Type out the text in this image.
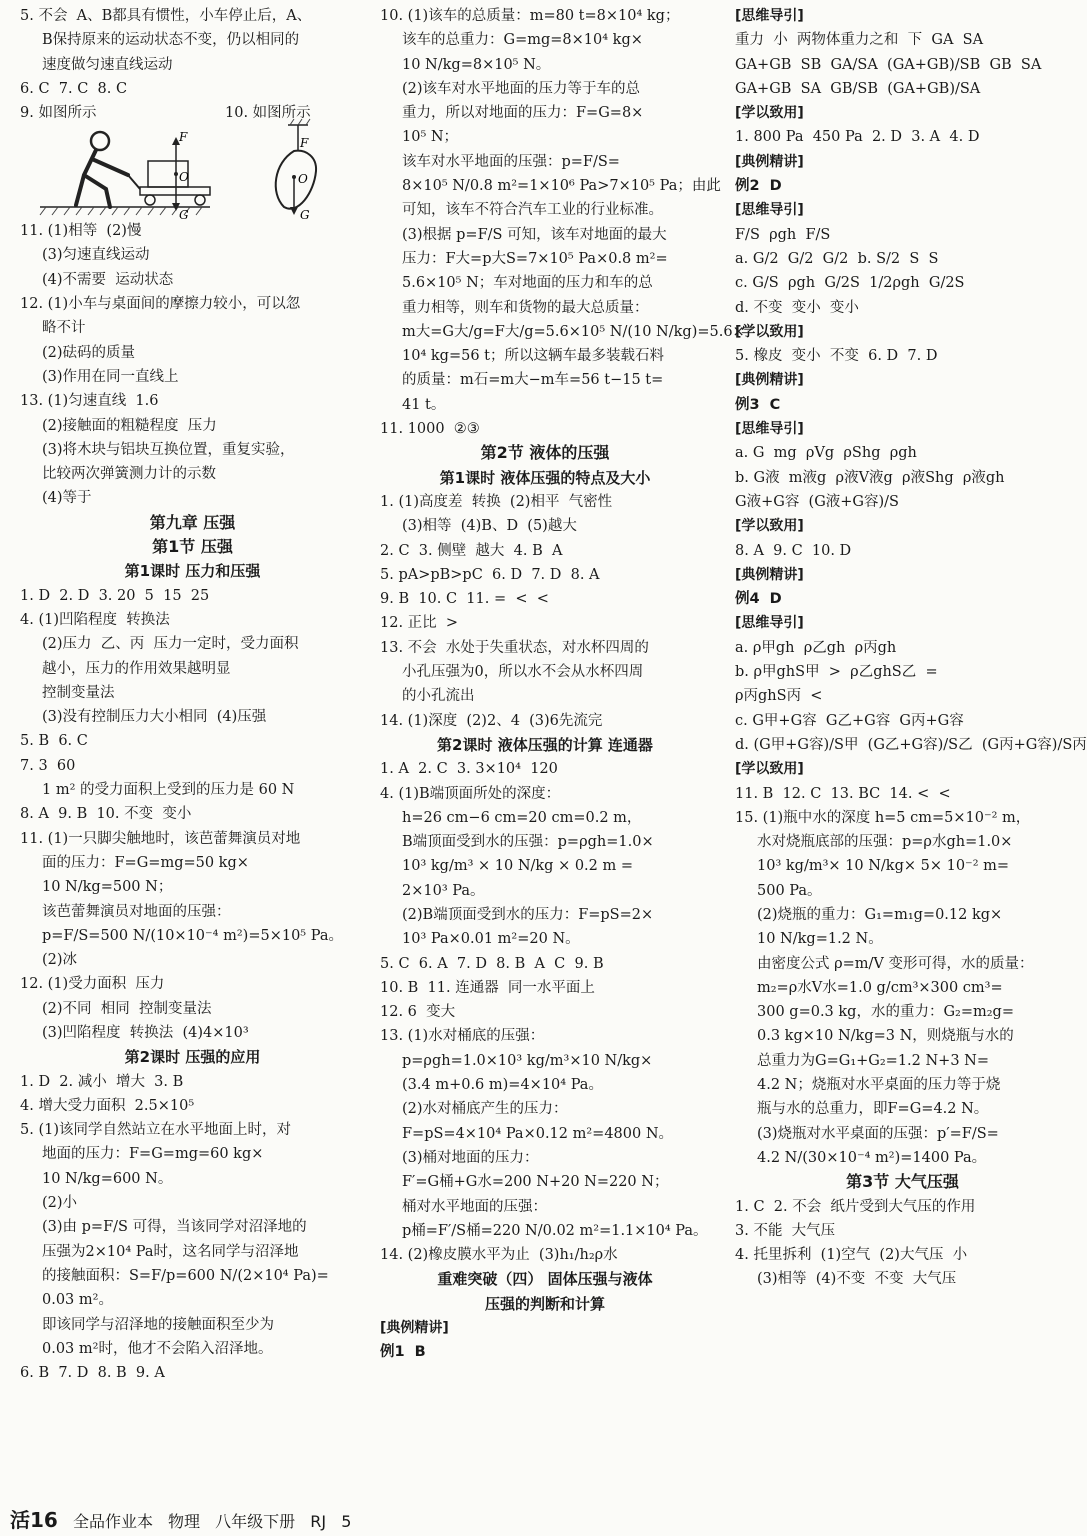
5. 不会  A、B都具有惯性，小车停止后，A、
B保持原来的运动状态不变，仍以相同的
速度做匀速直线运动
6. C  7. C  8. C
9. 如图所示	10. 如图所示
F
O
G
F
O
G
11. (1)相等  (2)慢
(3)匀速直线运动
(4)不需要  运动状态
12. (1)小车与桌面间的摩擦力较小，可以忽
略不计
(2)砝码的质量
(3)作用在同一直线上
13. (1)匀速直线  1.6
(2)接触面的粗糙程度  压力
(3)将木块与铝块互换位置，重复实验，
比较两次弹簧测力计的示数
(4)等于
第九章 压强
第1节 压强
第1课时 压力和压强
1. D  2. D  3. 20  5  15  25
4. (1)凹陷程度  转换法
(2)压力  乙、丙  压力一定时，受力面积
越小，压力的作用效果越明显
控制变量法
(3)没有控制压力大小相同  (4)压强
5. B  6. C
7. 3  60
1 m² 的受力面积上受到的压力是 60 N
8. A  9. B  10. 不变  变小
11. (1)一只脚尖触地时，该芭蕾舞演员对地
面的压力：F=G=mg=50 kg×
10 N/kg=500 N；
该芭蕾舞演员对地面的压强：
p=F/S=500 N/(10×10⁻⁴ m²)=5×10⁵ Pa。
(2)冰
12. (1)受力面积  压力
(2)不同  相同  控制变量法
(3)凹陷程度  转换法  (4)4×10³
第2课时 压强的应用
1. D  2. 减小  增大  3. B
4. 增大受力面积  2.5×10⁵
5. (1)该同学自然站立在水平地面上时，对
地面的压力：F=G=mg=60 kg×
10 N/kg=600 N。
(2)小
(3)由 p=F/S 可得，当该同学对沼泽地的
压强为2×10⁴ Pa时，这名同学与沼泽地
的接触面积：S=F/p=600 N/(2×10⁴ Pa)=
0.03 m²。
即该同学与沼泽地的接触面积至少为
0.03 m²时，他才不会陷入沼泽地。
6. B  7. D  8. B  9. A
10. (1)该车的总质量：m=80 t=8×10⁴ kg；
该车的总重力：G=mg=8×10⁴ kg×
10 N/kg=8×10⁵ N。
(2)该车对水平地面的压力等于车的总
重力，所以对地面的压力：F=G=8×
10⁵ N；
该车对水平地面的压强：p=F/S=
8×10⁵ N/0.8 m²=1×10⁶ Pa>7×10⁵ Pa；由此
可知，该车不符合汽车工业的行业标准。
(3)根据 p=F/S 可知，该车对地面的最大
压力：F大=p大S=7×10⁵ Pa×0.8 m²=
5.6×10⁵ N；车对地面的压力和车的总
重力相等，则车和货物的最大总质量：
m大=G大/g=F大/g=5.6×10⁵ N/(10 N/kg)=5.6×
10⁴ kg=56 t；所以这辆车最多装载石料
的质量：m石=m大−m车=56 t−15 t=
41 t。
11. 1000  ②③
第2节 液体的压强
第1课时 液体压强的特点及大小
1. (1)高度差  转换  (2)相平  气密性
(3)相等  (4)B、D  (5)越大
2. C  3. 侧壁  越大  4. B  A
5. pA>pB>pC  6. D  7. D  8. A
9. B  10. C  11. =  <  <
12. 正比  >
13. 不会  水处于失重状态，对水杯四周的
小孔压强为0，所以水不会从水杯四周
的小孔流出
14. (1)深度  (2)2、4  (3)6先流完
第2课时 液体压强的计算 连通器
1. A  2. C  3. 3×10⁴  120
4. (1)B端顶面所处的深度：
h=26 cm−6 cm=20 cm=0.2 m，
B端顶面受到水的压强：p=ρgh=1.0×
10³ kg/m³ × 10 N/kg × 0.2 m =
2×10³ Pa。
(2)B端顶面受到水的压力：F=pS=2×
10³ Pa×0.01 m²=20 N。
5. C  6. A  7. D  8. B  A  C  9. B
10. B  11. 连通器  同一水平面上
12. 6  变大
13. (1)水对桶底的压强：
p=ρgh=1.0×10³ kg/m³×10 N/kg×
(3.4 m+0.6 m)=4×10⁴ Pa。
(2)水对桶底产生的压力：
F=pS=4×10⁴ Pa×0.12 m²=4800 N。
(3)桶对地面的压力：
F′=G桶+G水=200 N+20 N=220 N；
桶对水平地面的压强：
p桶=F′/S桶=220 N/0.02 m²=1.1×10⁴ Pa。
14. (2)橡皮膜水平为止  (3)h₁/h₂ρ水
重难突破（四） 固体压强与液体
压强的判断和计算
[典例精讲]
例1  B
[思维导引]
重力  小  两物体重力之和  下  GA  SA
GA+GB  SB  GA/SA  (GA+GB)/SB  GB  SA
GA+GB  SA  GB/SB  (GA+GB)/SA
[学以致用]
1. 800 Pa  450 Pa  2. D  3. A  4. D
[典例精讲]
例2  D
[思维导引]
F/S  ρgh  F/S
a. G/2  G/2  G/2  b. S/2  S  S
c. G/S  ρgh  G/2S  1/2ρgh  G/2S
d. 不变  变小  变小
[学以致用]
5. 橡皮  变小  不变  6. D  7. D
[典例精讲]
例3  C
[思维导引]
a. G  mg  ρVg  ρShg  ρgh
b. G液  m液g  ρ液V液g  ρ液Shg  ρ液gh
G液+G容  (G液+G容)/S
[学以致用]
8. A  9. C  10. D
[典例精讲]
例4  D
[思维导引]
a. ρ甲gh  ρ乙gh  ρ丙gh
b. ρ甲ghS甲  >  ρ乙ghS乙  =
ρ丙ghS丙  <
c. G甲+G容  G乙+G容  G丙+G容
d. (G甲+G容)/S甲  (G乙+G容)/S乙  (G丙+G容)/S丙
[学以致用]
11. B  12. C  13. BC  14. <  <
15. (1)瓶中水的深度 h=5 cm=5×10⁻² m，
水对烧瓶底部的压强：p=ρ水gh=1.0×
10³ kg/m³× 10 N/kg× 5× 10⁻² m=
500 Pa。
(2)烧瓶的重力：G₁=m₁g=0.12 kg×
10 N/kg=1.2 N。
由密度公式 ρ=m/V 变形可得，水的质量：
m₂=ρ水V水=1.0 g/cm³×300 cm³=
300 g=0.3 kg，水的重力：G₂=m₂g=
0.3 kg×10 N/kg=3 N，则烧瓶与水的
总重力为G=G₁+G₂=1.2 N+3 N=
4.2 N；烧瓶对水平桌面的压力等于烧
瓶与水的总重力，即F=G=4.2 N。
(3)烧瓶对水平桌面的压强：p′=F/S=
4.2 N/(30×10⁻⁴ m²)=1400 Pa。
第3节 大气压强
1. C  2. 不会  纸片受到大气压的作用
3. 不能  大气压
4. 托里拆利  (1)空气  (2)大气压  小
(3)相等  (4)不变  不变  大气压
活16 全品作业本 物理 八年级下册 RJ 5
